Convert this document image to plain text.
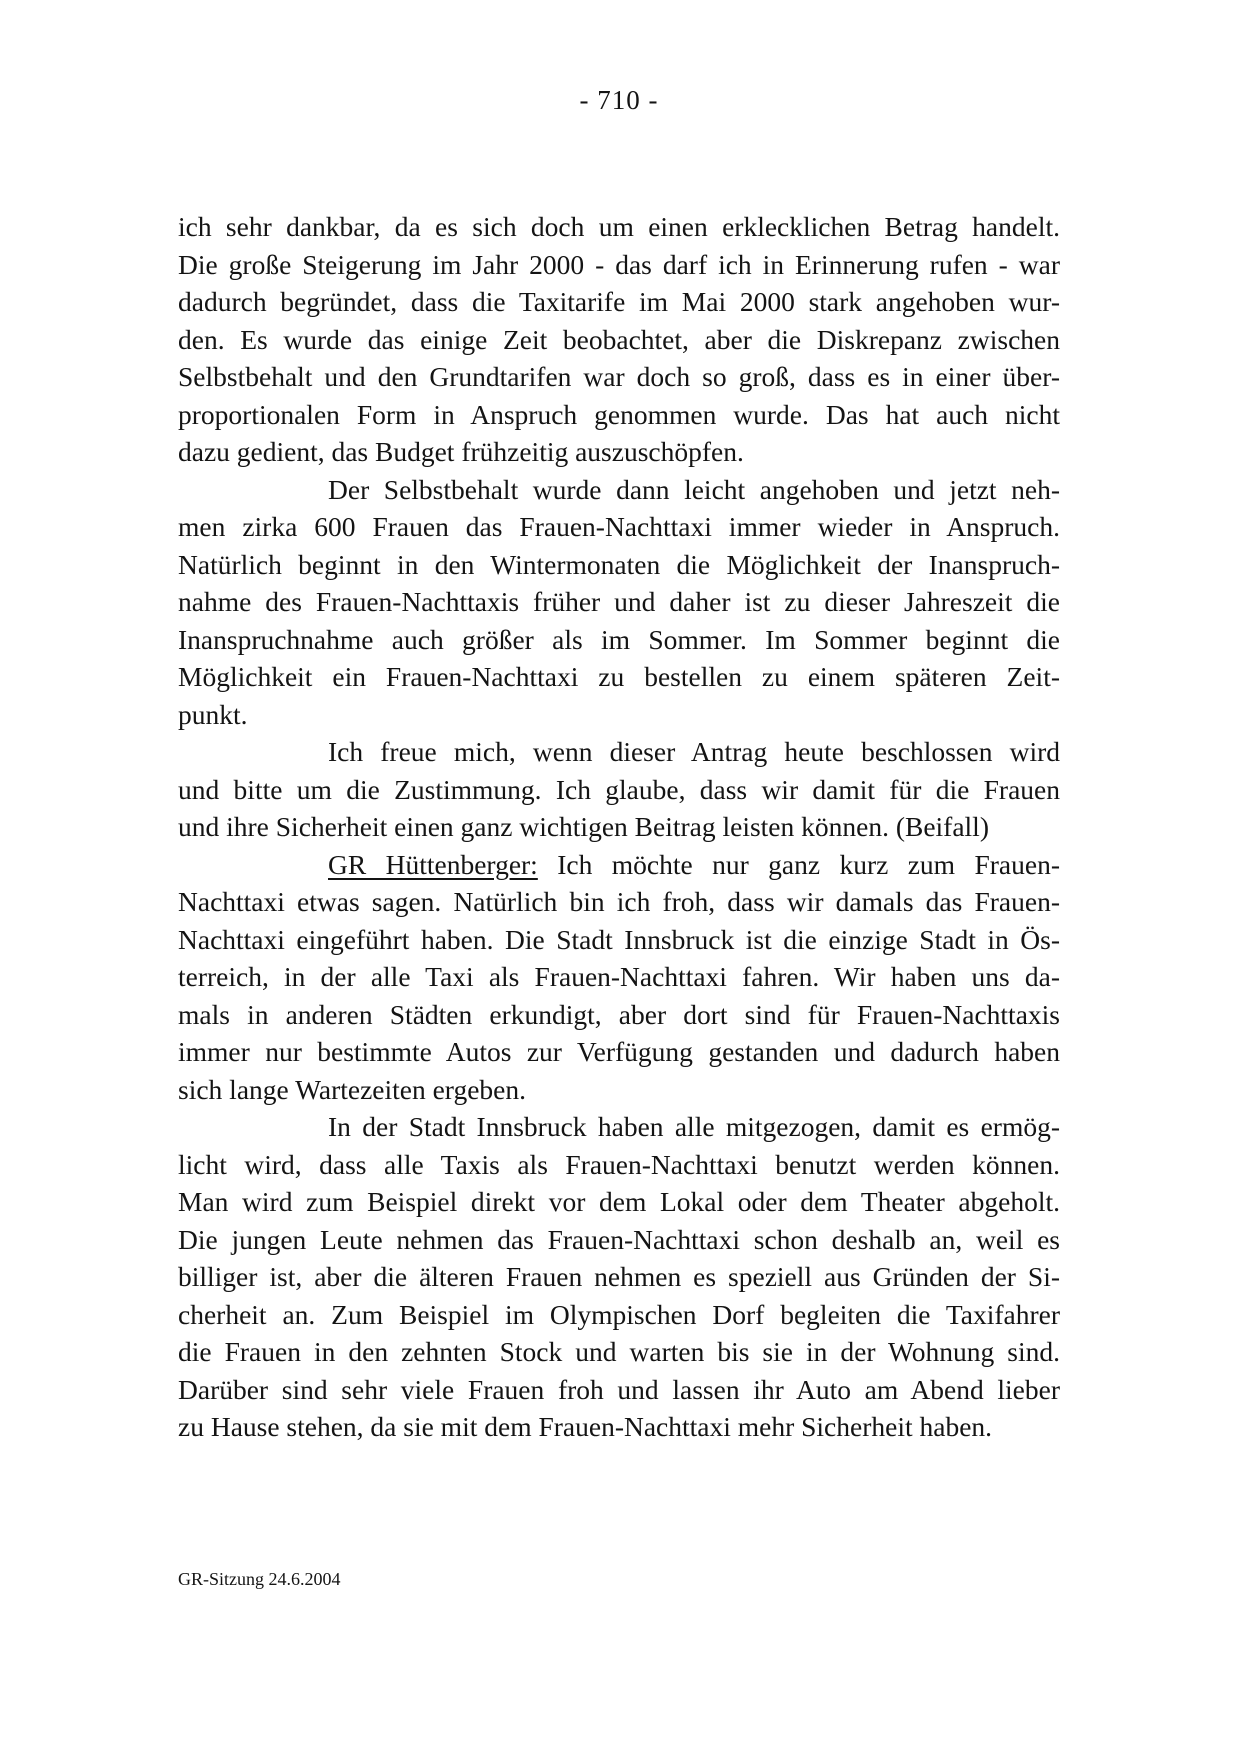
- 710 -
ich sehr dankbar, da es sich doch um einen erklecklichen Betrag handelt.
Die große Steigerung im Jahr 2000 - das darf ich in Erinnerung rufen - war
dadurch begründet, dass die Taxitarife im Mai 2000 stark angehoben wur-
den. Es wurde das einige Zeit beobachtet, aber die Diskrepanz zwischen
Selbstbehalt und den Grundtarifen war doch so groß, dass es in einer über-
proportionalen Form in Anspruch genommen wurde. Das hat auch nicht
dazu gedient, das Budget frühzeitig auszuschöpfen.
Der Selbstbehalt wurde dann leicht angehoben und jetzt neh-
men zirka 600 Frauen das Frauen-Nachttaxi immer wieder in Anspruch.
Natürlich beginnt in den Wintermonaten die Möglichkeit der Inanspruch-
nahme des Frauen-Nachttaxis früher und daher ist zu dieser Jahreszeit die
Inanspruchnahme auch größer als im Sommer. Im Sommer beginnt die
Möglichkeit ein Frauen-Nachttaxi zu bestellen zu einem späteren Zeit-
punkt.
Ich freue mich, wenn dieser Antrag heute beschlossen wird
und bitte um die Zustimmung. Ich glaube, dass wir damit für die Frauen
und ihre Sicherheit einen ganz wichtigen Beitrag leisten können. (Beifall)
GR Hüttenberger: Ich möchte nur ganz kurz zum Frauen-
Nachttaxi etwas sagen. Natürlich bin ich froh, dass wir damals das Frauen-
Nachttaxi eingeführt haben. Die Stadt Innsbruck ist die einzige Stadt in Ös-
terreich, in der alle Taxi als Frauen-Nachttaxi fahren. Wir haben uns da-
mals in anderen Städten erkundigt, aber dort sind für Frauen-Nachttaxis
immer nur bestimmte Autos zur Verfügung gestanden und dadurch haben
sich lange Wartezeiten ergeben.
In der Stadt Innsbruck haben alle mitgezogen, damit es ermög-
licht wird, dass alle Taxis als Frauen-Nachttaxi benutzt werden können.
Man wird zum Beispiel direkt vor dem Lokal oder dem Theater abgeholt.
Die jungen Leute nehmen das Frauen-Nachttaxi schon deshalb an, weil es
billiger ist, aber die älteren Frauen nehmen es speziell aus Gründen der Si-
cherheit an. Zum Beispiel im Olympischen Dorf begleiten die Taxifahrer
die Frauen in den zehnten Stock und warten bis sie in der Wohnung sind.
Darüber sind sehr viele Frauen froh und lassen ihr Auto am Abend lieber
zu Hause stehen, da sie mit dem Frauen-Nachttaxi mehr Sicherheit haben.
GR-Sitzung 24.6.2004
